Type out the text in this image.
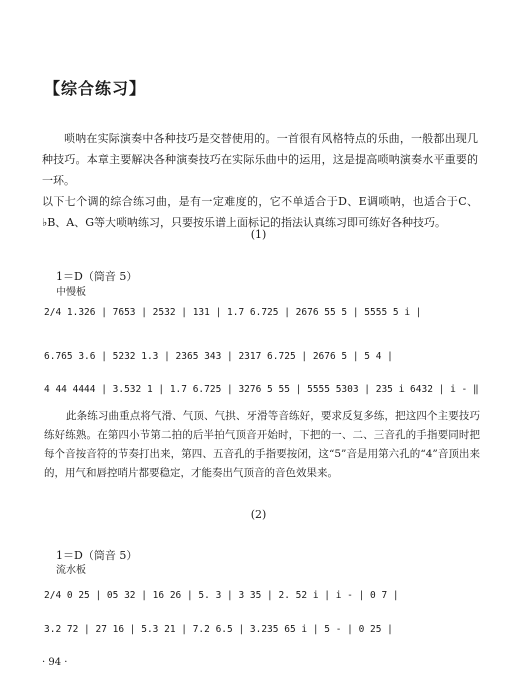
【综合练习】

唢呐在实际演奏中各种技巧是交替使用的。一首很有风格特点的乐曲，一般都出现几种技巧。本章主要解决各种演奏技巧在实际乐曲中的运用，这是提高唢呐演奏水平重要的一环。

以下七个调的综合练习曲，是有一定难度的，它不单适合于D、E调唢呐，也适合于C、♭B、A、G等大唢呐练习，只要按乐谱上面标记的指法认真练习即可练好各种技巧。

(1)
1＝D（筒音 5）
中慢板
2/4 1.326 | 7653 | 2532 | 131 | 1.7 6.725 | 2676 55 5 | 5555 5 i |
6.765 3.6 | 5232 1.3 | 2365 343 | 2317 6.725 | 2676 5 | 5 4 |
4 44 4444 | 3.532 1 | 1.7 6.725 | 3276 5 55 | 5555 5303 | 235 i 6432 | i - ‖

此条练习曲重点将气滑、气顶、气拱、牙滑等音练好，要求反复多练，把这四个主要技巧练好练熟。在第四小节第二拍的后半拍气顶音开始时，下把的一、二、三音孔的手指要同时把每个音按音符的节奏打出来，第四、五音孔的手指要按闭，这“5”音是用第六孔的“4”音顶出来的，用气和唇控哨片都要稳定，才能奏出气顶音的音色效果来。

(2)
1＝D（筒音 5）
流水板
2/4 0 25 | 05 32 | 16 26 | 5. 3 | 3 35 | 2. 52 i | i - | 0 7 |
3.2 72 | 27 16 | 5.3 21 | 7.2 6.5 | 3.235 65 i | 5 - | 0 25 |
· 94 ·
